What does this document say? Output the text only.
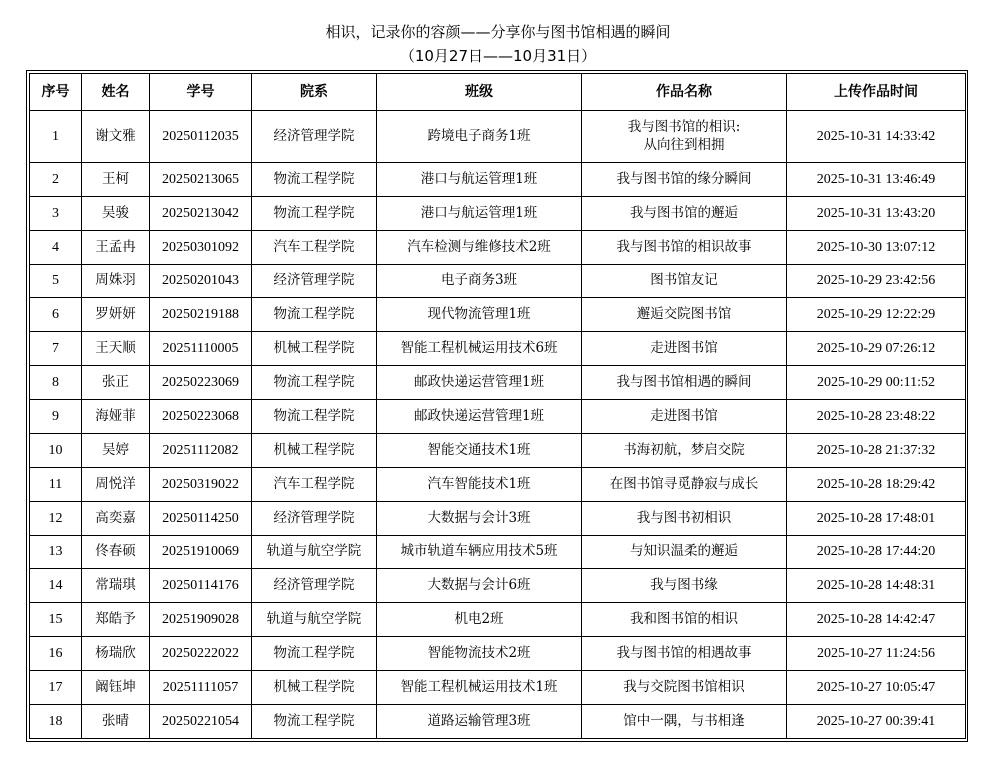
相识，记录你的容颜——分享你与图书馆相遇的瞬间
（10月27日——10月31日）
序号	姓名	学号	院系	班级	作品名称	上传作品时间
1	谢文雅	20250112035	经济管理学院	跨境电子商务1班	我与图书馆的相识:
从向往到相拥	2025-10-31 14:33:42
2	王柯	20250213065	物流工程学院	港口与航运管理1班	我与图书馆的缘分瞬间	2025-10-31 13:46:49
3	吴骏	20250213042	物流工程学院	港口与航运管理1班	我与图书馆的邂逅	2025-10-31 13:43:20
4	王孟冉	20250301092	汽车工程学院	汽车检测与维修技术2班	我与图书馆的相识故事	2025-10-30 13:07:12
5	周姝羽	20250201043	经济管理学院	电子商务3班	图书馆友记	2025-10-29 23:42:56
6	罗妍妍	20250219188	物流工程学院	现代物流管理1班	邂逅交院图书馆	2025-10-29 12:22:29
7	王天顺	20251110005	机械工程学院	智能工程机械运用技术6班	走进图书馆	2025-10-29 07:26:12
8	张正	20250223069	物流工程学院	邮政快递运营管理1班	我与图书馆相遇的瞬间	2025-10-29 00:11:52
9	海娅菲	20250223068	物流工程学院	邮政快递运营管理1班	走进图书馆	2025-10-28 23:48:22
10	吴婷	20251112082	机械工程学院	智能交通技术1班	书海初航，梦启交院	2025-10-28 21:37:32
11	周悦洋	20250319022	汽车工程学院	汽车智能技术1班	在图书馆寻觅静寂与成长	2025-10-28 18:29:42
12	高奕嘉	20250114250	经济管理学院	大数据与会计3班	我与图书初相识	2025-10-28 17:48:01
13	佟春硕	20251910069	轨道与航空学院	城市轨道车辆应用技术5班	与知识温柔的邂逅	2025-10-28 17:44:20
14	常瑞琪	20250114176	经济管理学院	大数据与会计6班	我与图书缘	2025-10-28 14:48:31
15	郑皓予	20251909028	轨道与航空学院	机电2班	我和图书馆的相识	2025-10-28 14:42:47
16	杨瑞欣	20250222022	物流工程学院	智能物流技术2班	我与图书馆的相遇故事	2025-10-27 11:24:56
17	阚钰坤	20251111057	机械工程学院	智能工程机械运用技术1班	我与交院图书馆相识	2025-10-27 10:05:47
18	张晴	20250221054	物流工程学院	道路运输管理3班	馆中一隅，与书相逢	2025-10-27 00:39:41
